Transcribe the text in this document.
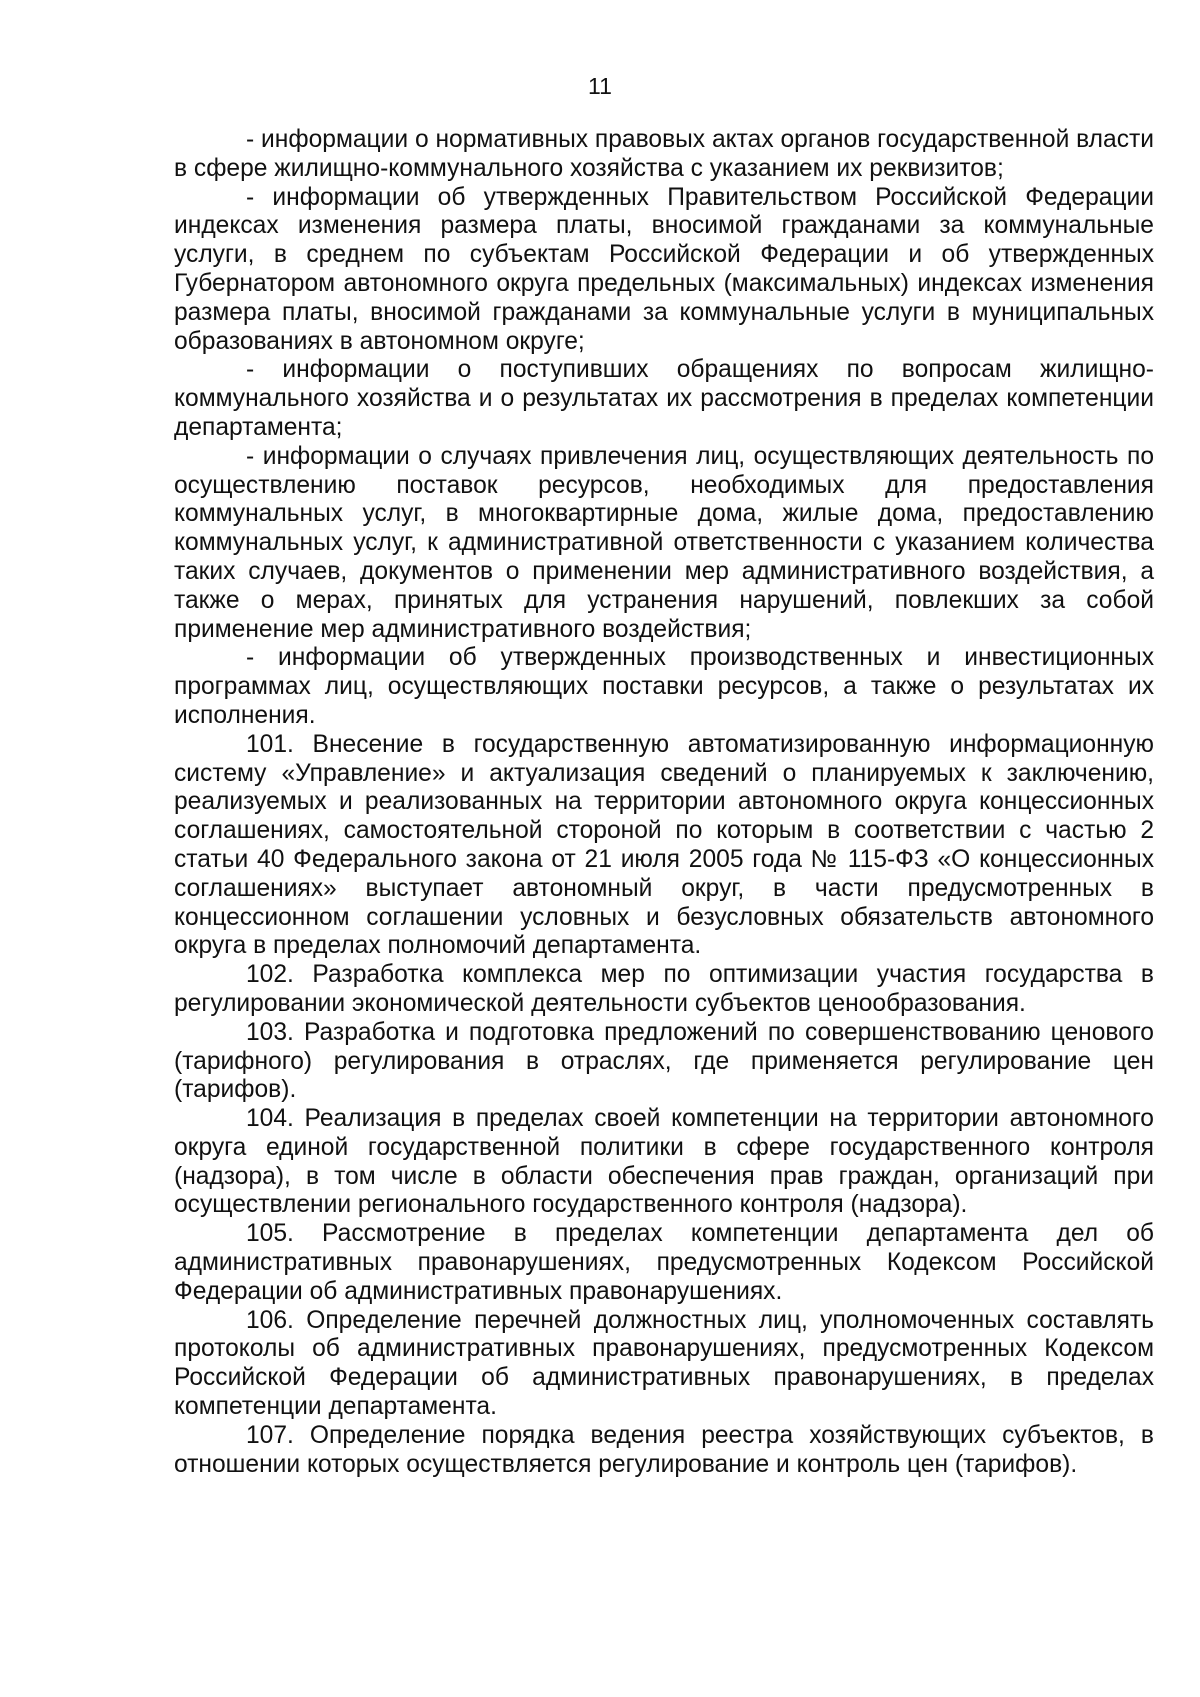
11

- информации о нормативных правовых актах органов государственной власти в сфере жилищно-коммунального хозяйства с указанием их реквизитов;

- информации об утвержденных Правительством Российской Федерации индексах изменения размера платы, вносимой гражданами за коммунальные услуги, в среднем по субъектам Российской Федерации и об утвержденных Губернатором автономного округа предельных (максимальных) индексах изменения размера платы, вносимой гражданами за коммунальные услуги в муниципальных образованиях в автономном округе;

- информации о поступивших обращениях по вопросам жилищно-коммунального хозяйства и о результатах их рассмотрения в пределах компетенции департамента;

- информации о случаях привлечения лиц, осуществляющих деятельность по осуществлению поставок ресурсов, необходимых для предоставления коммунальных услуг, в многоквартирные дома, жилые дома, предоставлению коммунальных услуг, к административной ответственности с указанием количества таких случаев, документов о применении мер административного воздействия, а также о мерах, принятых для устранения нарушений, повлекших за собой применение мер административного воздействия;

- информации об утвержденных производственных и инвестиционных программах лиц, осуществляющих поставки ресурсов, а также о результатах их исполнения.

101. Внесение в государственную автоматизированную информационную систему «Управление» и актуализация сведений о планируемых к заключению, реализуемых и реализованных на территории автономного округа концессионных соглашениях, самостоятельной стороной по которым в соответствии с частью 2 статьи 40 Федерального закона от 21 июля 2005 года № 115-ФЗ «О концессионных соглашениях» выступает автономный округ, в части предусмотренных в концессионном соглашении условных и безусловных обязательств автономного округа в пределах полномочий департамента.

102. Разработка комплекса мер по оптимизации участия государства в регулировании экономической деятельности субъектов ценообразования.

103. Разработка и подготовка предложений по совершенствованию ценового (тарифного) регулирования в отраслях, где применяется регулирование цен (тарифов).

104. Реализация в пределах своей компетенции на территории автономного округа единой государственной политики в сфере государственного контроля (надзора), в том числе в области обеспечения прав граждан, организаций при осуществлении регионального государственного контроля (надзора).

105. Рассмотрение в пределах компетенции департамента дел об административных правонарушениях, предусмотренных Кодексом Российской Федерации об административных правонарушениях.

106. Определение перечней должностных лиц, уполномоченных составлять протоколы об административных правонарушениях, предусмотренных Кодексом Российской Федерации об административных правонарушениях, в пределах компетенции департамента.

107. Определение порядка ведения реестра хозяйствующих субъектов, в отношении которых осуществляется регулирование и контроль цен (тарифов).
